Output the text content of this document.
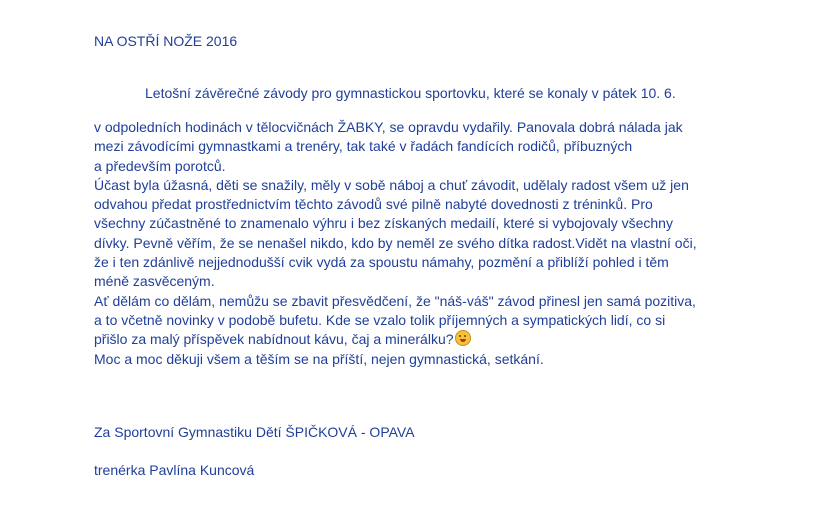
NA OSTŘÍ NOŽE 2016
Letošní závěrečné závody pro gymnastickou sportovku, které se konaly v pátek 10. 6.
v odpoledních hodinách v tělocvičnách ŽABKY, se opravdu vydařily. Panovala dobrá nálada jak
mezi závodícími gymnastkami a trenéry, tak také v řadách fandících rodičů, příbuzných
a především porotců.
Účast byla úžasná, děti se snažily, měly v sobě náboj a chuť závodit, udělaly radost všem už jen
odvahou předat prostřednictvím těchto závodů své pilně nabyté dovednosti z tréninků. Pro
všechny zúčastněné to znamenalo výhru i bez získaných medailí, které si vybojovaly všechny
dívky. Pevně věřím, že se nenašel nikdo, kdo by neměl ze svého dítka radost.Vidět na vlastní oči,
že i ten zdánlivě nejjednodušší cvik vydá za spoustu námahy, pozmění a přiblíží pohled i těm
méně zasvěceným.
Ať dělám co dělám, nemůžu se zbavit přesvědčení, že "náš-váš" závod přinesl jen samá pozitiva,
a to včetně novinky v podobě bufetu. Kde se vzalo tolik příjemných a sympatických lidí, co si
přišlo za malý příspěvek nabídnout kávu, čaj a minerálku?
Moc a moc děkuji všem a těším se na příští, nejen gymnastická, setkání.
Za Sportovní Gymnastiku Dětí ŠPIČKOVÁ - OPAVA
trenérka Pavlína Kuncová
